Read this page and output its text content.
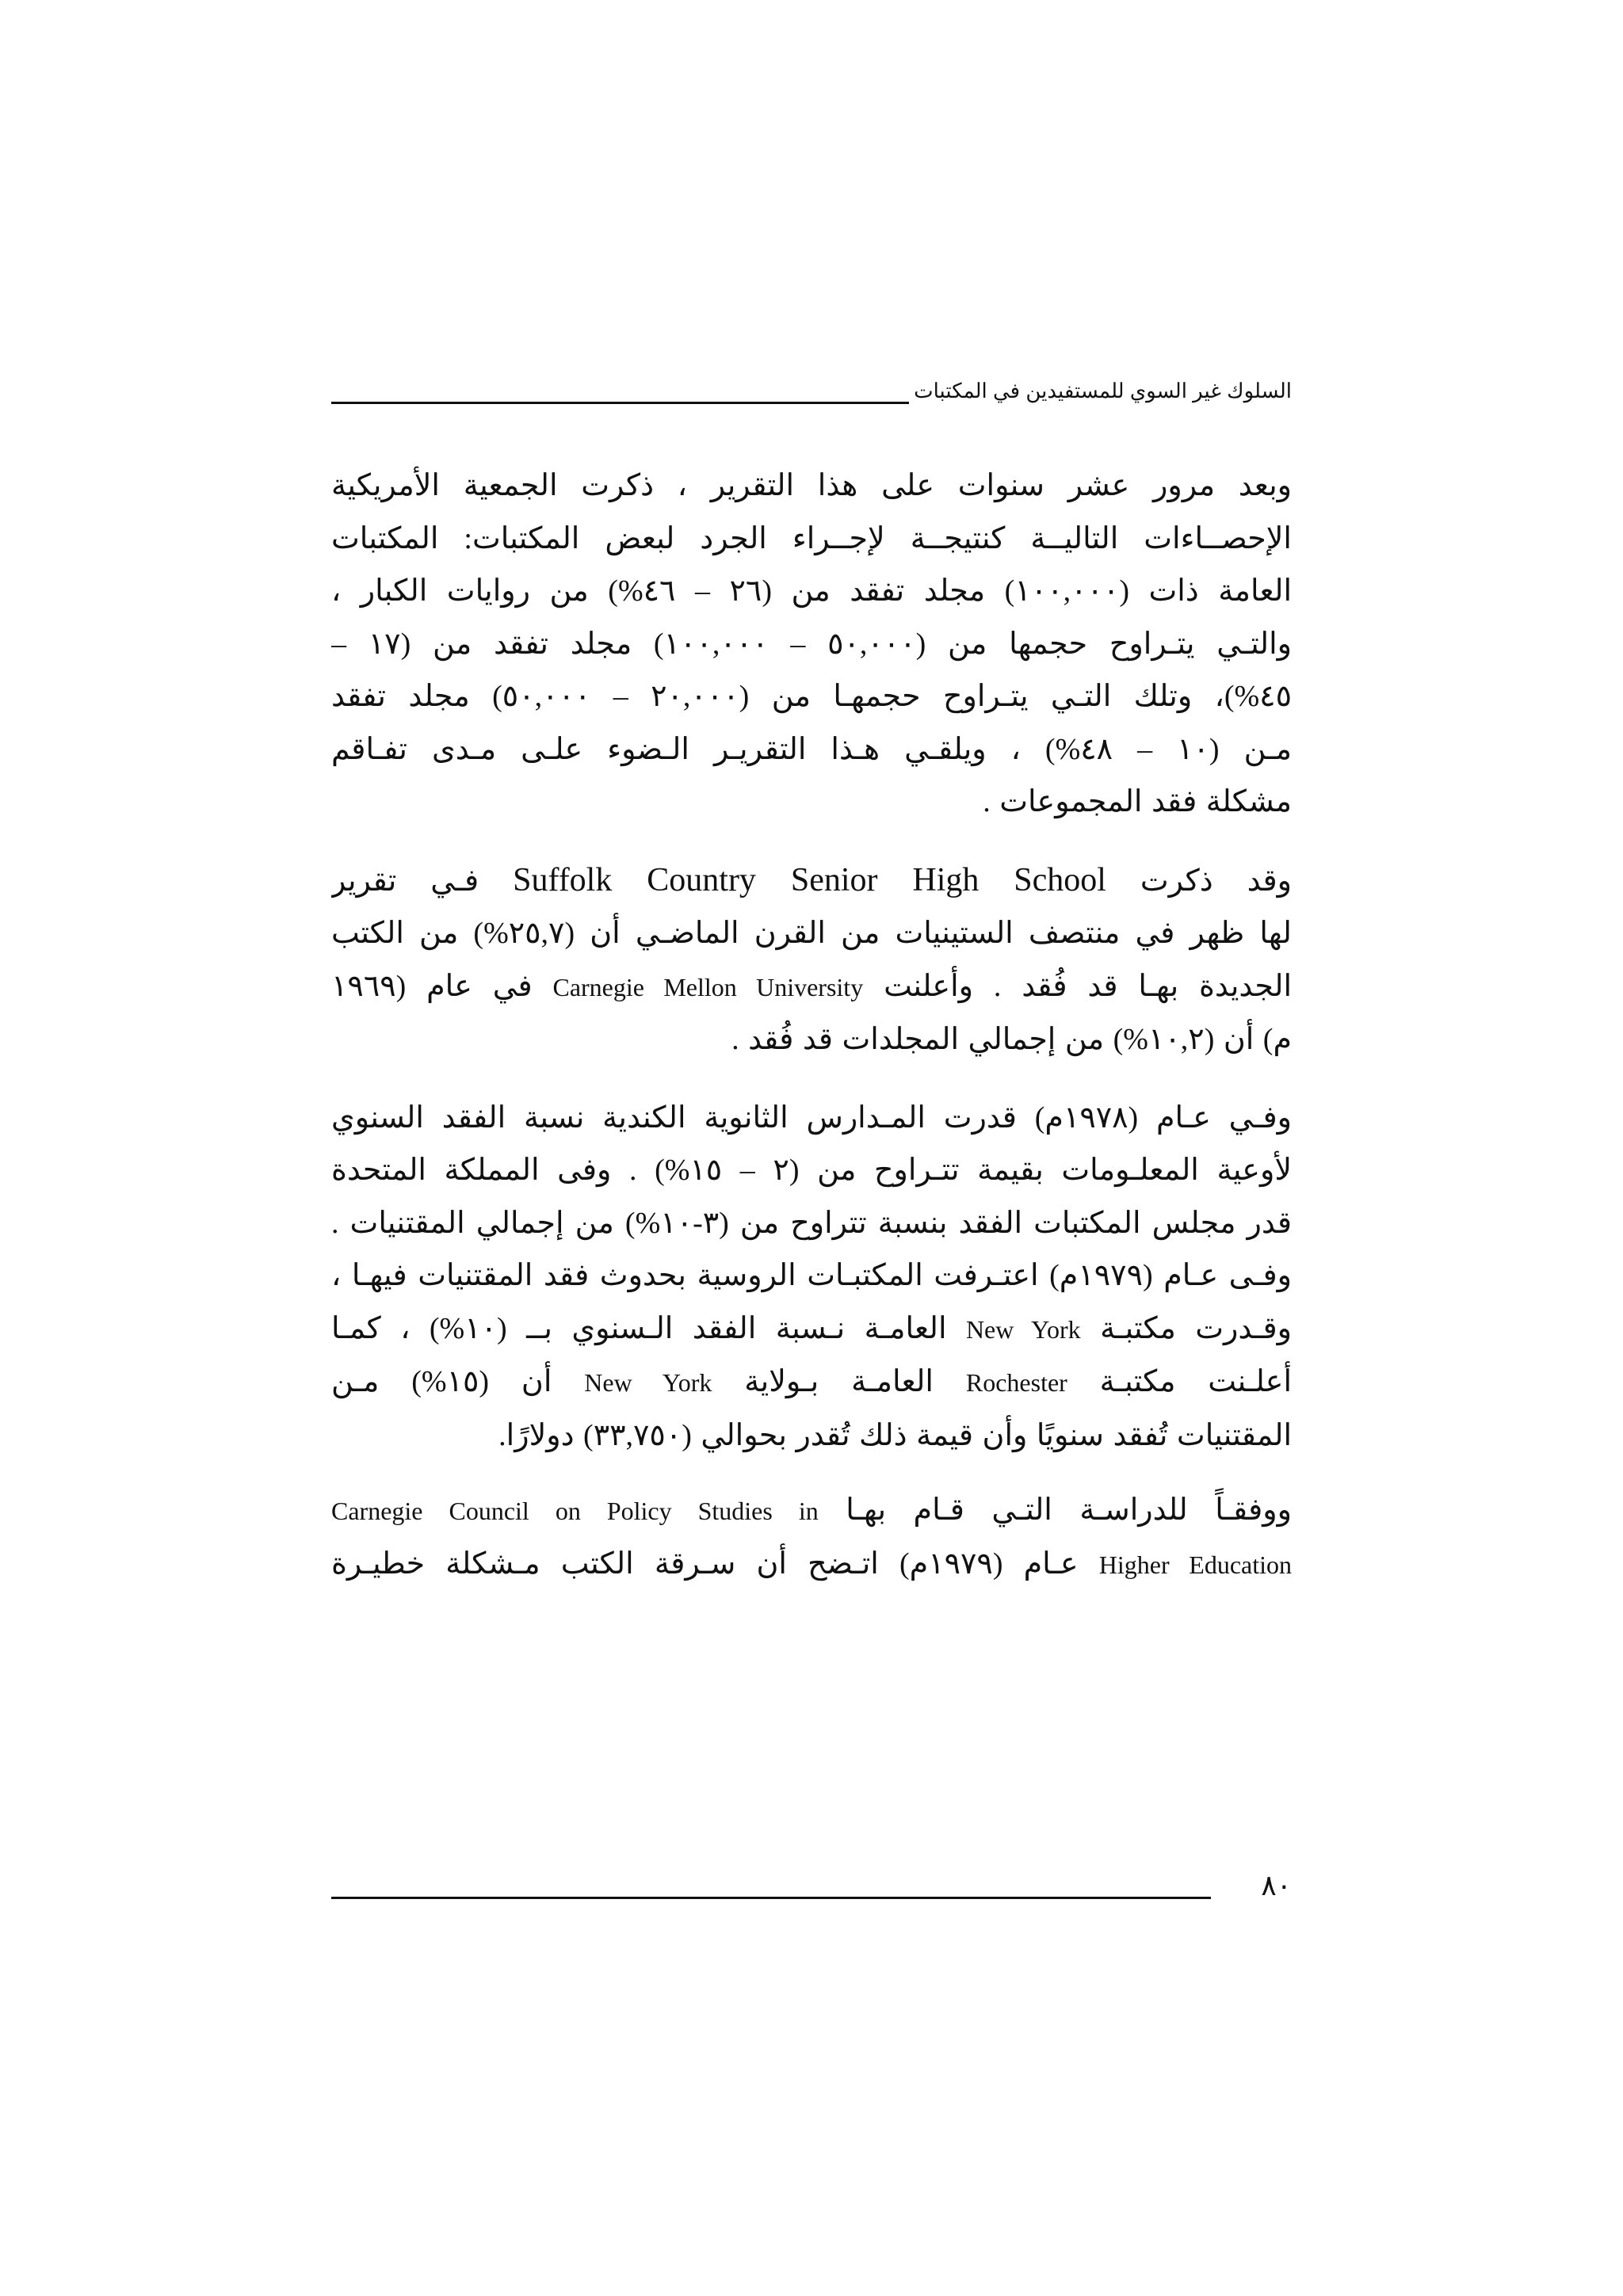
السلوك غير السوي للمستفيدين في المكتبات

وبعد مرور عشر سنوات على هذا التقرير ، ذكرت الجمعية الأمريكية
الإحصــاءات التاليــة كنتيجــة لإجــراء الجرد لبعض المكتبات: المكتبات
العامة ذات (١٠٠,٠٠٠) مجلد تفقد من (٢٦ – ٤٦%) من روايات الكبار ،
والتـي يتـراوح حجمها من (٥٠,٠٠٠ – ١٠٠,٠٠٠) مجلد تفقد من (١٧ –
٤٥%)، وتلك التـي يتـراوح حجمهـا من (٢٠,٠٠٠ – ٥٠,٠٠٠) مجلد تفقد
مـن (١٠ – ٤٨%) ، ويلقـي هـذا التقريـر الـضوء علـى مـدى تفـاقم
مشكلة فقد المجموعات .

وقد ذكرت Suffolk Country Senior High School فـي تقرير
لها ظهر في منتصف الستينيات من القرن الماضـي أن (٢٥,٧%) من الكتب
الجديدة بهـا قد فُقد . وأعلنت Carnegie Mellon University في عام (١٩٦٩
م) أن (١٠,٢%) من إجمالي المجلدات قد فُقد .

وفـي عـام (١٩٧٨م) قدرت المـدارس الثانوية الكندية نسبة الفقد السنوي
لأوعية المعلـومات بقيمة تتـراوح من (٢ – ١٥%) . وفى المملكة المتحدة
قدر مجلس المكتبات الفقد بنسبة تتراوح من (٣-١٠%) من إجمالي المقتنيات .
وفـى عـام (١٩٧٩م) اعتـرفت المكتبـات الروسية بحدوث فقد المقتنيات فيهـا ،
وقـدرت مكتبـة New York العامـة نـسبة الفقد الـسنوي بــ (١٠%) ، كمـا
أعلـنت مكتبـة Rochester العامـة بـولاية New York أن (١٥%) مـن
المقتنيات تُفقد سنويًا وأن قيمة ذلك تُقدر بحوالي (٣٣,٧٥٠) دولارًا.

ووفقـاً للدراسـة التـي قـام بهـا Carnegie Council on Policy Studies in
Higher Education عـام (١٩٧٩م) اتـضح أن سـرقة الكتب مـشكلة خطيـرة

٨٠
